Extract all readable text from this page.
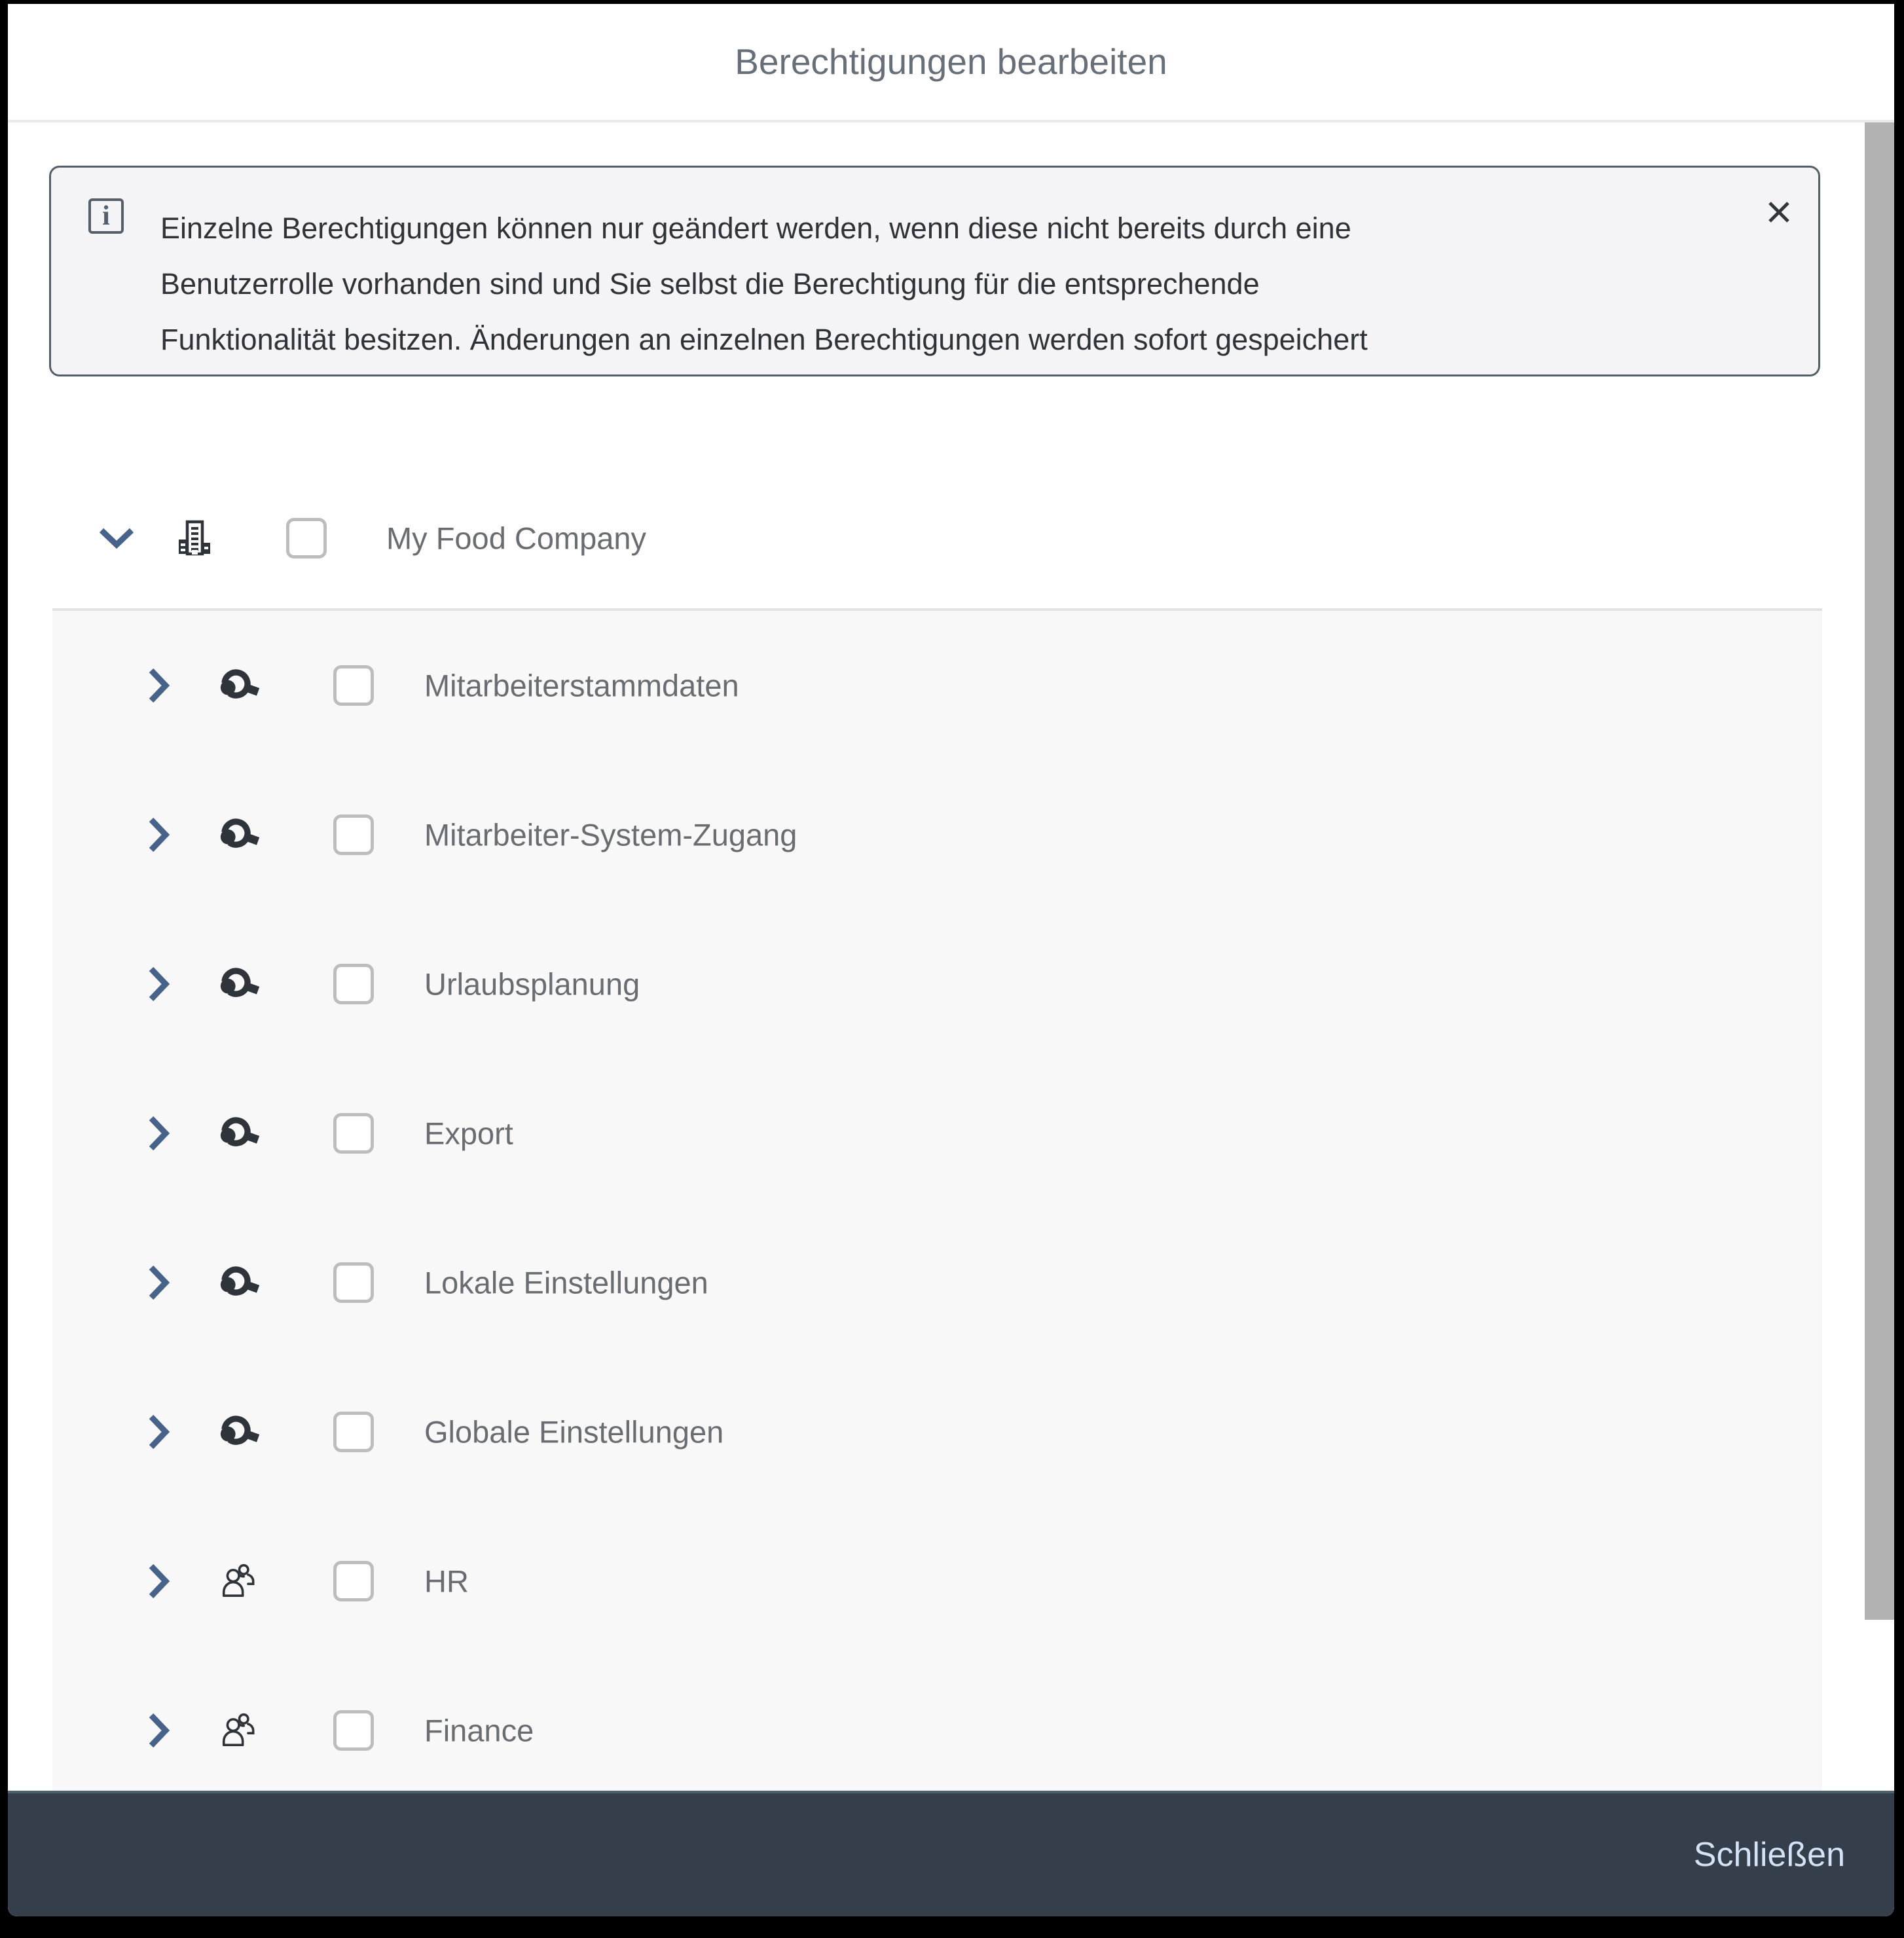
Berechtigungen bearbeiten
i	Einzelne Berechtigungen können nur geändert werden, wenn diese nicht bereits durch eine
Benutzerrolle vorhanden sind und Sie selbst die Berechtigung für die entsprechende
Funktionalität besitzen. Änderungen an einzelnen Berechtigungen werden sofort gespeichert
My Food Company
Mitarbeiterstammdaten
Mitarbeiter-System-Zugang
Urlaubsplanung
Export
Lokale Einstellungen
Globale Einstellungen
HR
Finance
Schließen
